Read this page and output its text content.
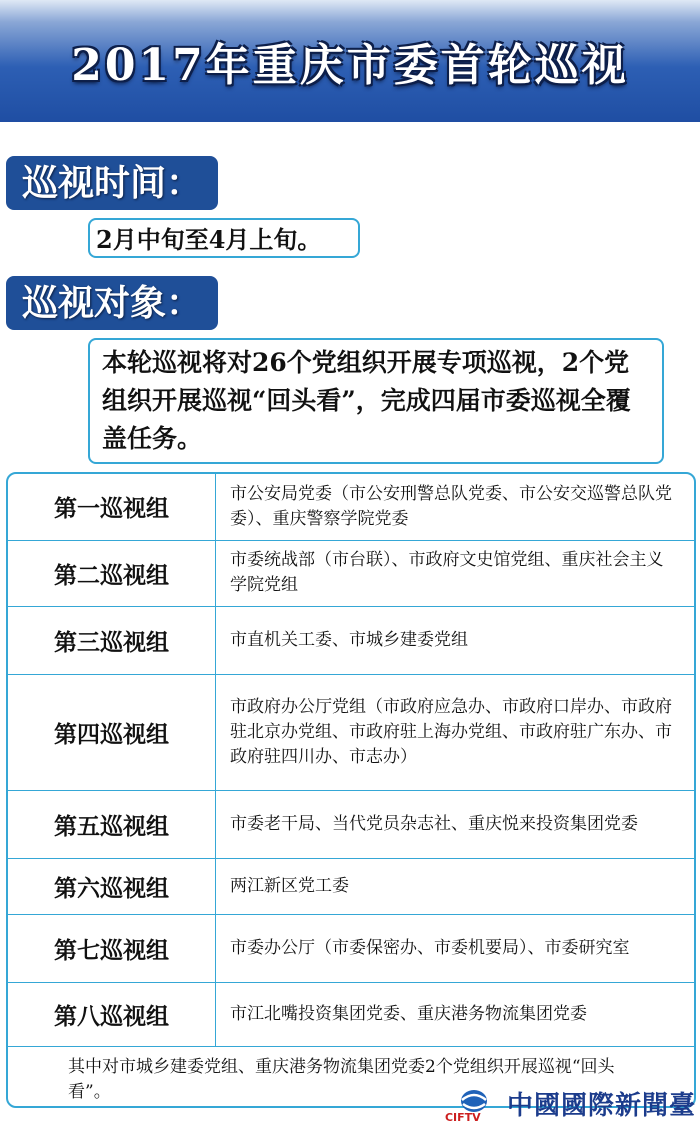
2017年重庆市委首轮巡视
巡视时间：
2月中旬至4月上旬。
巡视对象：
本轮巡视将对26个党组织开展专项巡视，2个党组织开展巡视“回头看”，完成四届市委巡视全覆盖任务。
第一巡视组	市公安局党委（市公安刑警总队党委、市公安交巡警总队党委）、重庆警察学院党委
第二巡视组	市委统战部（市台联）、市政府文史馆党组、重庆社会主义学院党组
第三巡视组	市直机关工委、市城乡建委党组
第四巡视组	市政府办公厅党组（市政府应急办、市政府口岸办、市政府驻北京办党组、市政府驻上海办党组、市政府驻广东办、市政府驻四川办、市志办）
第五巡视组	市委老干局、当代党员杂志社、重庆悦来投资集团党委
第六巡视组	两江新区党工委
第七巡视组	市委办公厅（市委保密办、市委机要局）、市委研究室
第八巡视组	市江北嘴投资集团党委、重庆港务物流集团党委
其中对市城乡建委党组、重庆港务物流集团党委2个党组织开展巡视“回头看”。
CIFTV 中國國際新聞臺
